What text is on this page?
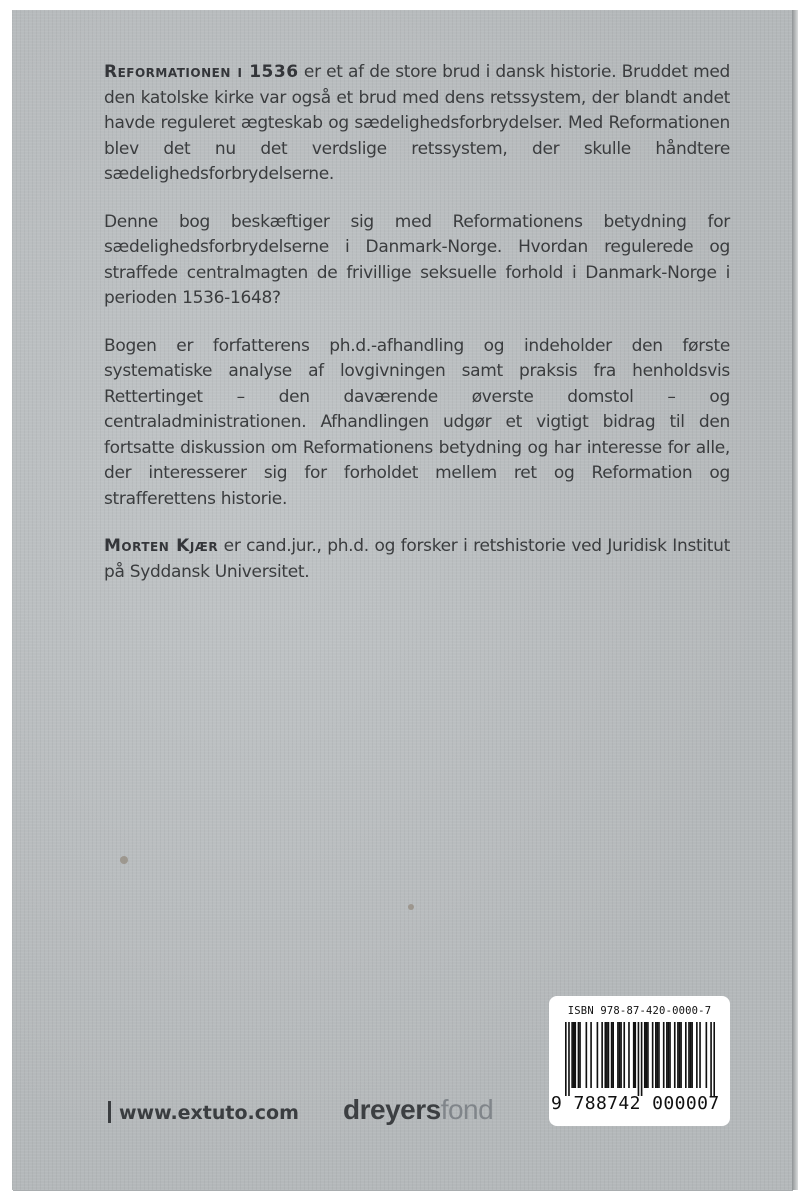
Reformationen i 1536 er et af de store brud i dansk historie. Bruddet med den katolske kirke var også et brud med dens retssystem, der blandt andet havde reguleret ægteskab og sædelighedsforbrydelser. Med Reformationen blev det nu det verdslige retssystem, der skulle håndtere sædelighedsforbrydelserne.

Denne bog beskæftiger sig med Reformationens betydning for sædelighedsforbrydelserne i Danmark-Norge. Hvordan regulerede og straffede centralmagten de frivillige seksuelle forhold i Danmark-Norge i perioden 1536-1648?

Bogen er forfatterens ph.d.-afhandling og indeholder den første systematiske analyse af lovgivningen samt praksis fra henholdsvis Rettertinget – den daværende øverste domstol – og centraladministrationen. Afhandlingen udgør et vigtigt bidrag til den fortsatte diskussion om Reformationens betydning og har interesse for alle, der interesserer sig for forholdet mellem ret og Reformation og strafferettens historie.

Morten Kjær er cand.jur., ph.d. og forsker i retshistorie ved Juridisk Institut på Syddansk Universitet.

ISBN 978-87-420-0000-7
9 788742 000007
www.extuto.com dreyersfond
